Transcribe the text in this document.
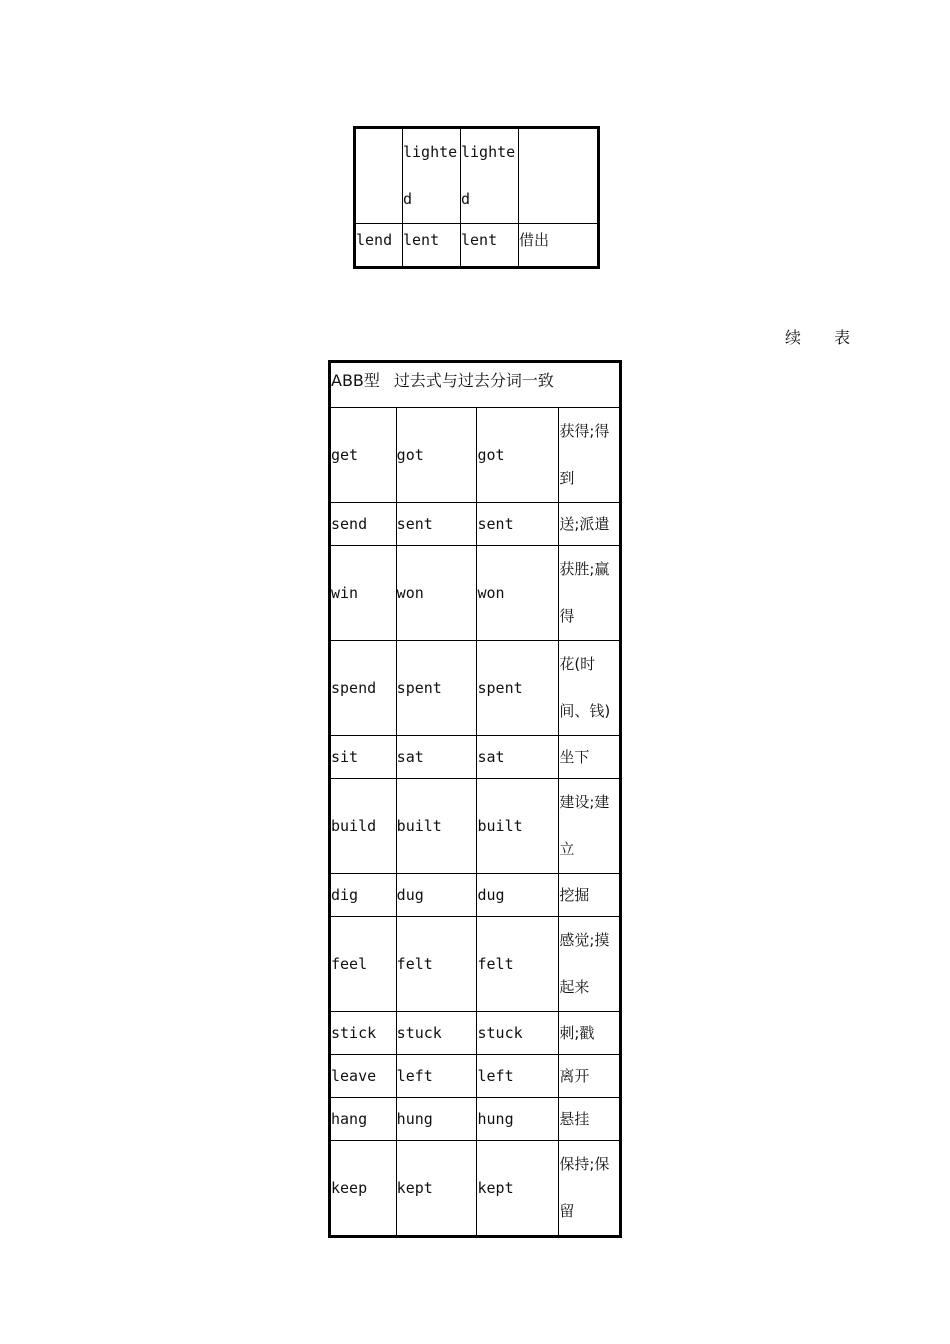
	lighted	lighted	
lend	lent	lent	借出
续 表
ABB型 过去式与过去分词一致			
get	got	got	获得;得到
send	sent	sent	送;派遣
win	won	won	获胜;赢得
spend	spent	spent	花(时间、钱)
sit	sat	sat	坐下
build	built	built	建设;建立
dig	dug	dug	挖掘
feel	felt	felt	感觉;摸起来
stick	stuck	stuck	刺;戳
leave	left	left	离开
hang	hung	hung	悬挂
keep	kept	kept	保持;保留
